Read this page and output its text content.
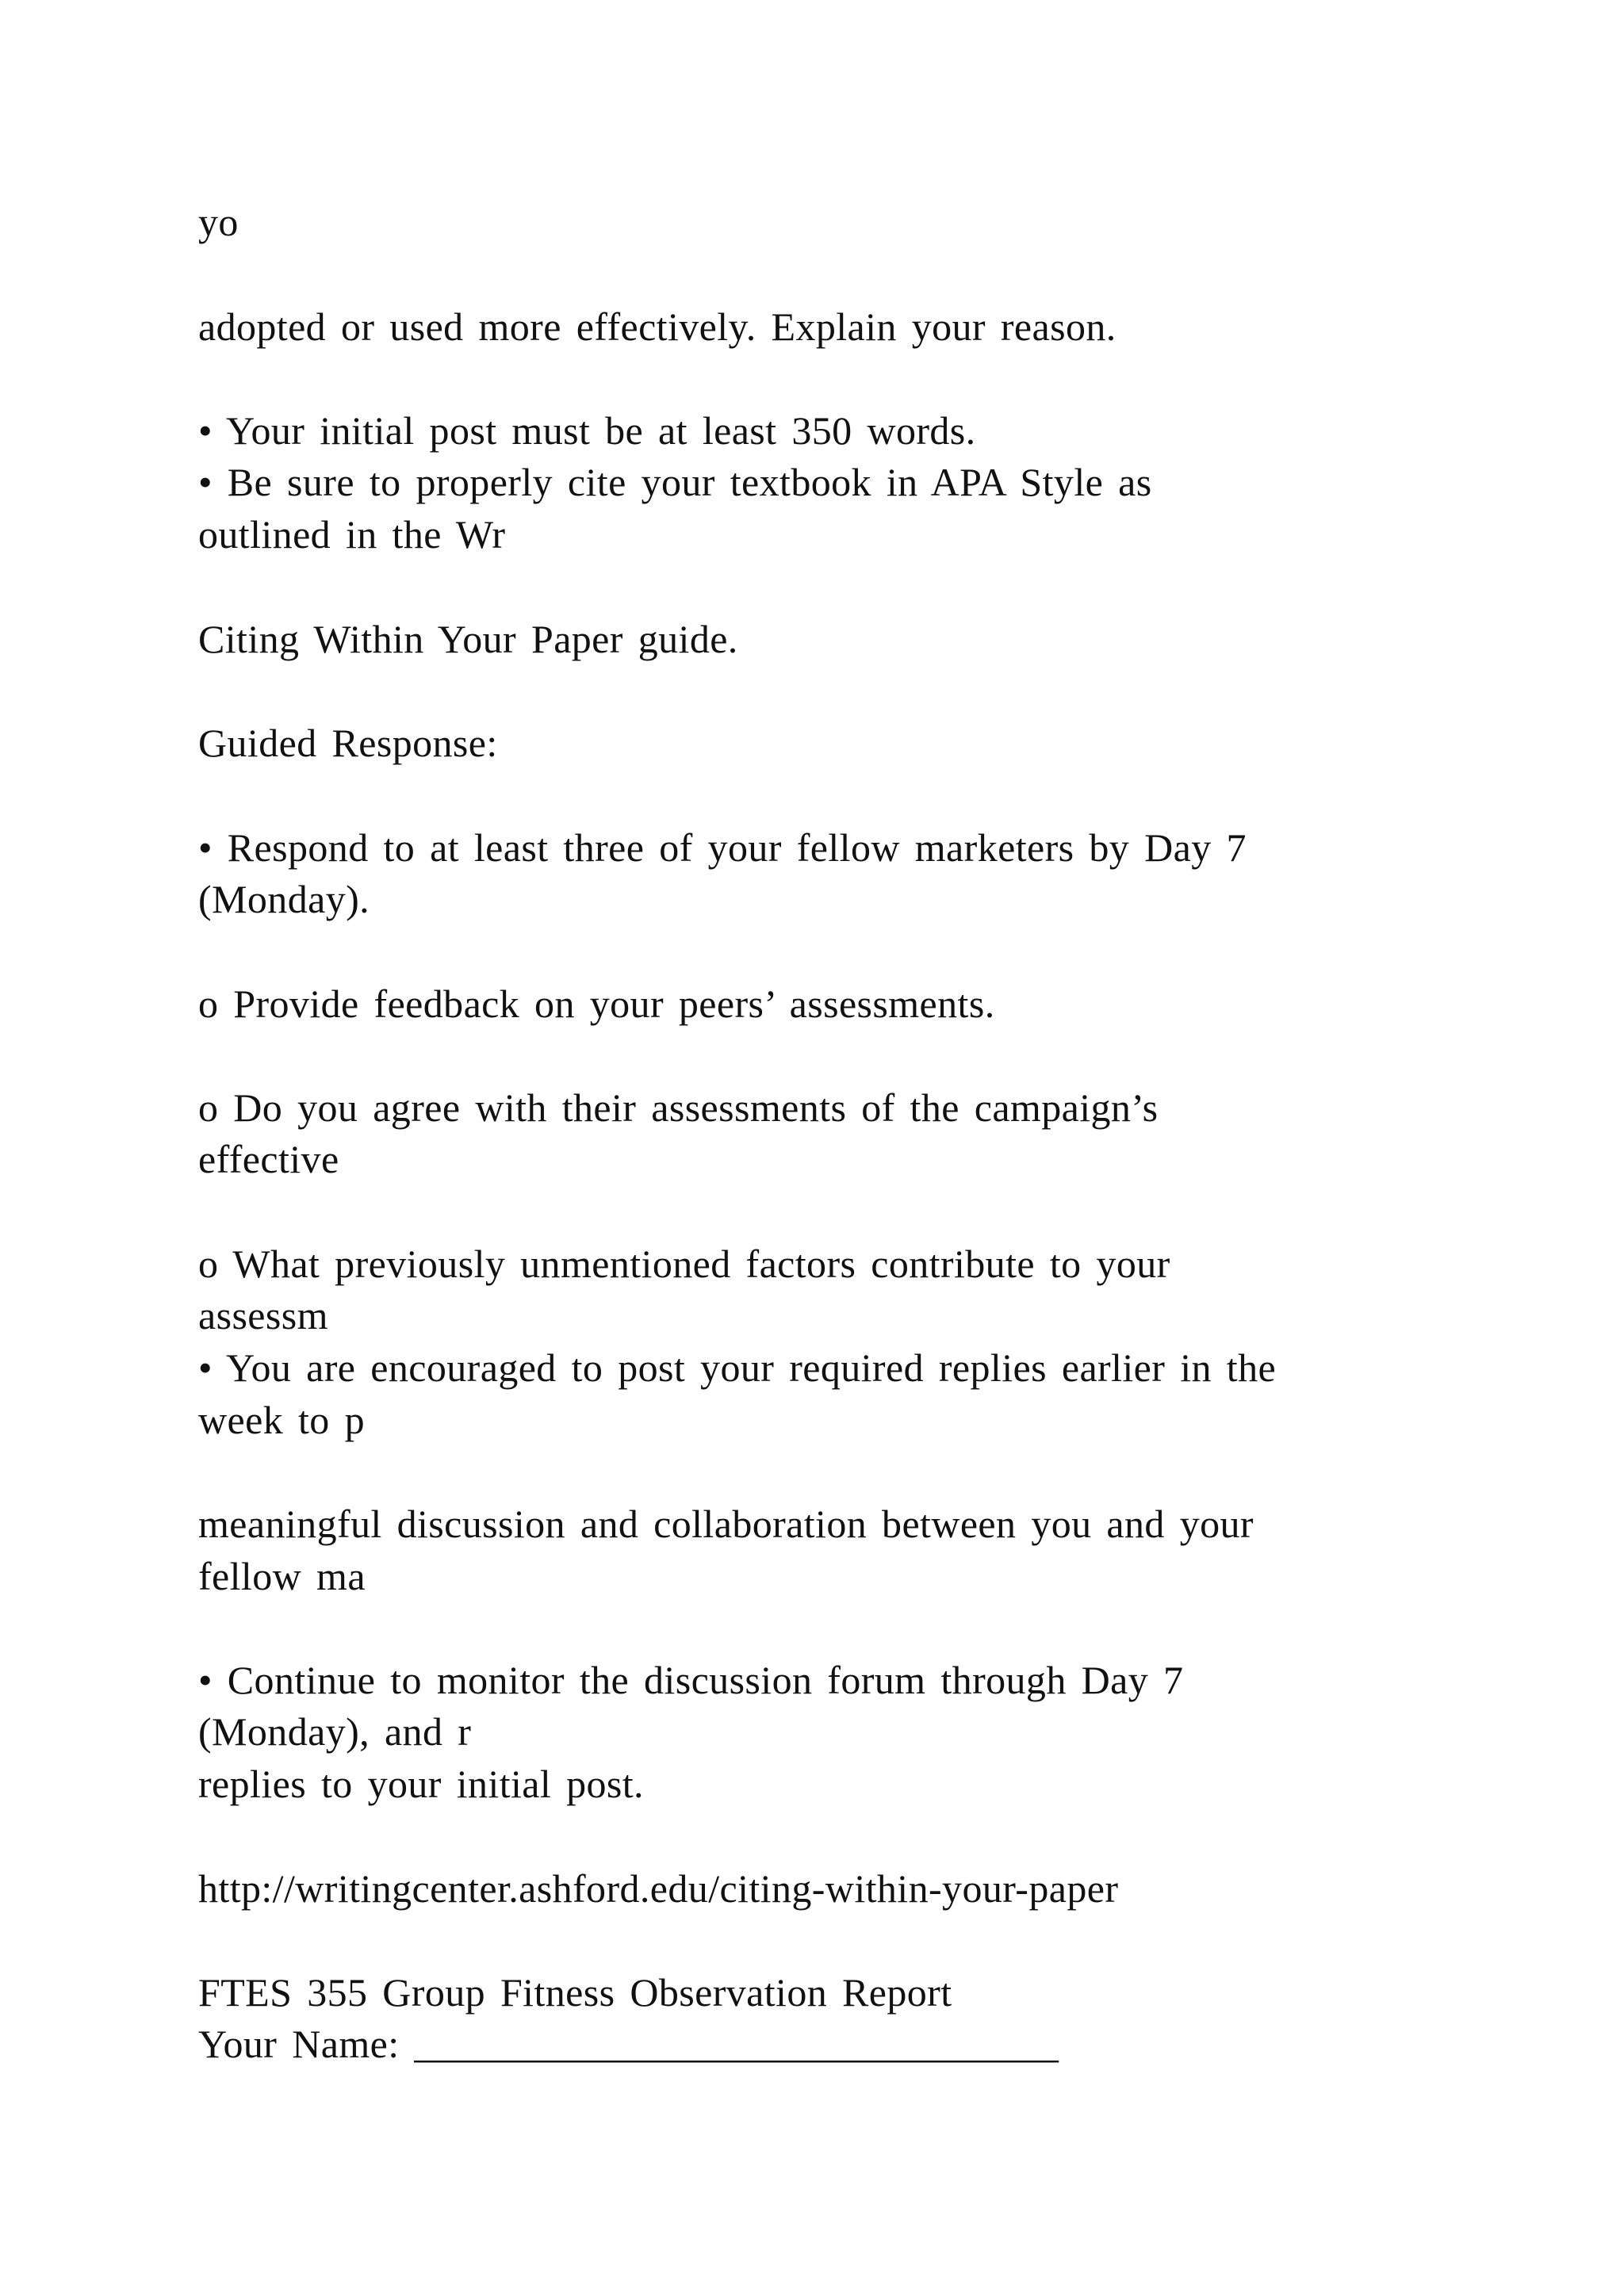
yo
adopted or used more effectively. Explain your reason.
• Your initial post must be at least 350 words.
• Be sure to properly cite your textbook in APA Style as
outlined in the Wr
Citing Within Your Paper guide.
Guided Response:
• Respond to at least three of your fellow marketers by Day 7
(Monday).
o Provide feedback on your peers’ assessments.
o Do you agree with their assessments of the campaign’s
effective
o What previously unmentioned factors contribute to your
assessm
• You are encouraged to post your required replies earlier in the
week to p
meaningful discussion and collaboration between you and your
fellow ma
• Continue to monitor the discussion forum through Day 7
(Monday), and r
replies to your initial post.
http://writingcenter.ashford.edu/citing-within-your-paper
FTES 355 Group Fitness Observation Report
Your Name: ________________________________
